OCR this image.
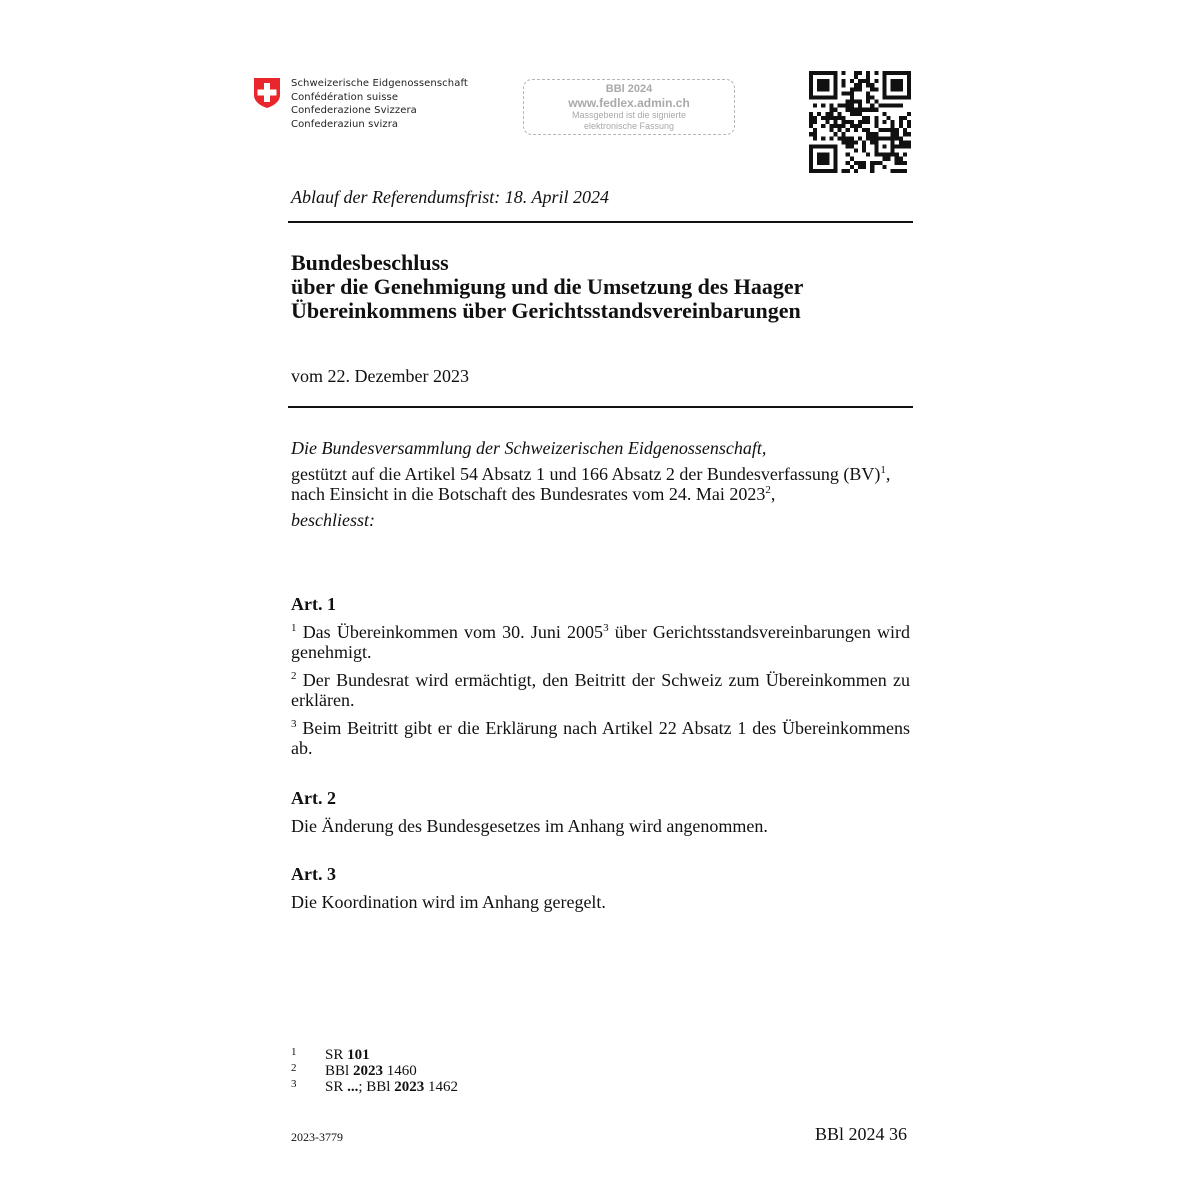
Schweizerische Eidgenossenschaft
Confédération suisse
Confederazione Svizzera
Confederaziun svizra
BBl 2024
www.fedlex.admin.ch
Massgebend ist die signierte
elektronische Fassung
Ablauf der Referendumsfrist: 18. April 2024
Bundesbeschluss
über die Genehmigung und die Umsetzung des Haager
Übereinkommens über Gerichtsstandsvereinbarungen
vom 22. Dezember 2023
Die Bundesversammlung der Schweizerischen Eidgenossenschaft,
gestützt auf die Artikel 54 Absatz 1 und 166 Absatz 2 der Bundesverfassung (BV)$^1$,
nach Einsicht in die Botschaft des Bundesrates vom 24. Mai 2023$^2$,
beschliesst:
Art. 1
$^1$ Das Übereinkommen vom 30. Juni 2005$^3$ über Gerichtsstandsvereinbarungen wird genehmigt.
$^2$ Der Bundesrat wird ermächtigt, den Beitritt der Schweiz zum Übereinkommen zu erklären.
$^3$ Beim Beitritt gibt er die Erklärung nach Artikel 22 Absatz 1 des Übereinkommens ab.
Art. 2
Die Änderung des Bundesgesetzes im Anhang wird angenommen.
Art. 3
Die Koordination wird im Anhang geregelt.
1 SR 101
2 BBl 2023 1460
3 SR ...; BBl 2023 1462
2023-3779	BBl 2024 36
